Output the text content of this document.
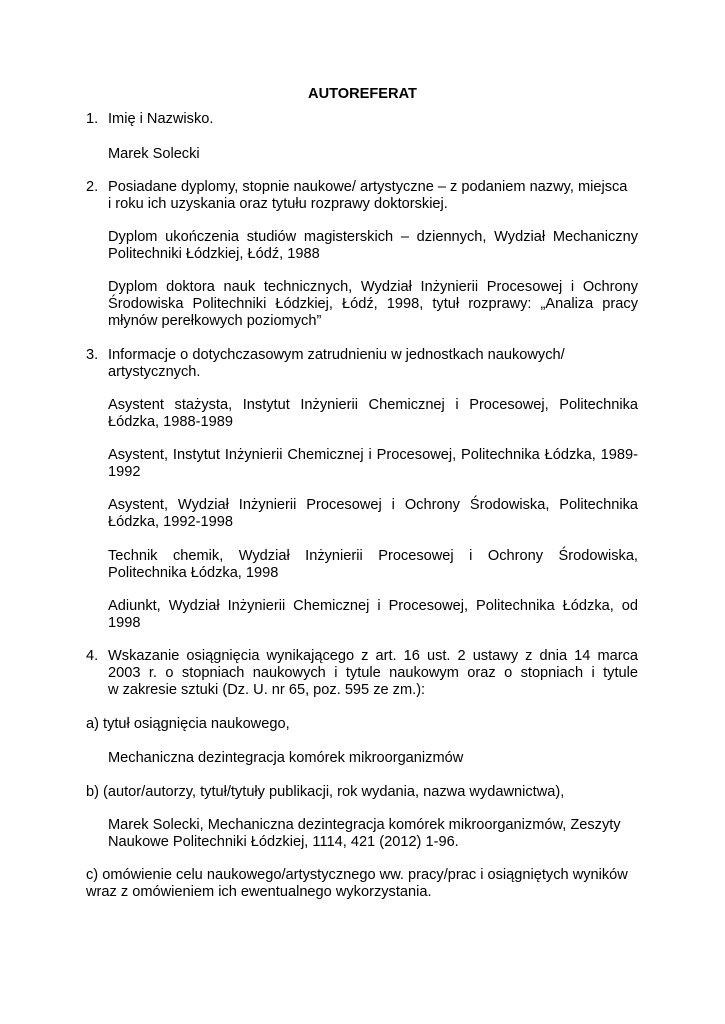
AUTOREFERAT
1. Imię i Nazwisko.
Marek Solecki
2. Posiadane dyplomy, stopnie naukowe/ artystyczne – z podaniem nazwy, miejsca
i roku ich uzyskania oraz tytułu rozprawy doktorskiej.
Dyplom ukończenia studiów magisterskich – dziennych, Wydział Mechaniczny
Politechniki Łódzkiej, Łódź, 1988
Dyplom doktora nauk technicznych, Wydział Inżynierii Procesowej i Ochrony
Środowiska Politechniki Łódzkiej, Łódź, 1998, tytuł rozprawy: „Analiza pracy
młynów perełkowych poziomych”
3. Informacje o dotychczasowym zatrudnieniu w jednostkach naukowych/
artystycznych.
Asystent stażysta, Instytut Inżynierii Chemicznej i Procesowej, Politechnika
Łódzka, 1988-1989
Asystent, Instytut Inżynierii Chemicznej i Procesowej, Politechnika Łódzka, 1989-
1992
Asystent, Wydział Inżynierii Procesowej i Ochrony Środowiska, Politechnika
Łódzka, 1992-1998
Technik chemik, Wydział Inżynierii Procesowej i Ochrony Środowiska,
Politechnika Łódzka, 1998
Adiunkt, Wydział Inżynierii Chemicznej i Procesowej, Politechnika Łódzka, od
1998
4. Wskazanie osiągnięcia wynikającego z art. 16 ust. 2 ustawy z dnia 14 marca
2003 r. o stopniach naukowych i tytule naukowym oraz o stopniach i tytule
w zakresie sztuki (Dz. U. nr 65, poz. 595 ze zm.):
a) tytuł osiągnięcia naukowego,
Mechaniczna dezintegracja komórek mikroorganizmów
b) (autor/autorzy, tytuł/tytuły publikacji, rok wydania, nazwa wydawnictwa),
Marek Solecki, Mechaniczna dezintegracja komórek mikroorganizmów, Zeszyty
Naukowe Politechniki Łódzkiej, 1114, 421 (2012) 1-96.
c) omówienie celu naukowego/artystycznego ww. pracy/prac i osiągniętych wyników
wraz z omówieniem ich ewentualnego wykorzystania.
